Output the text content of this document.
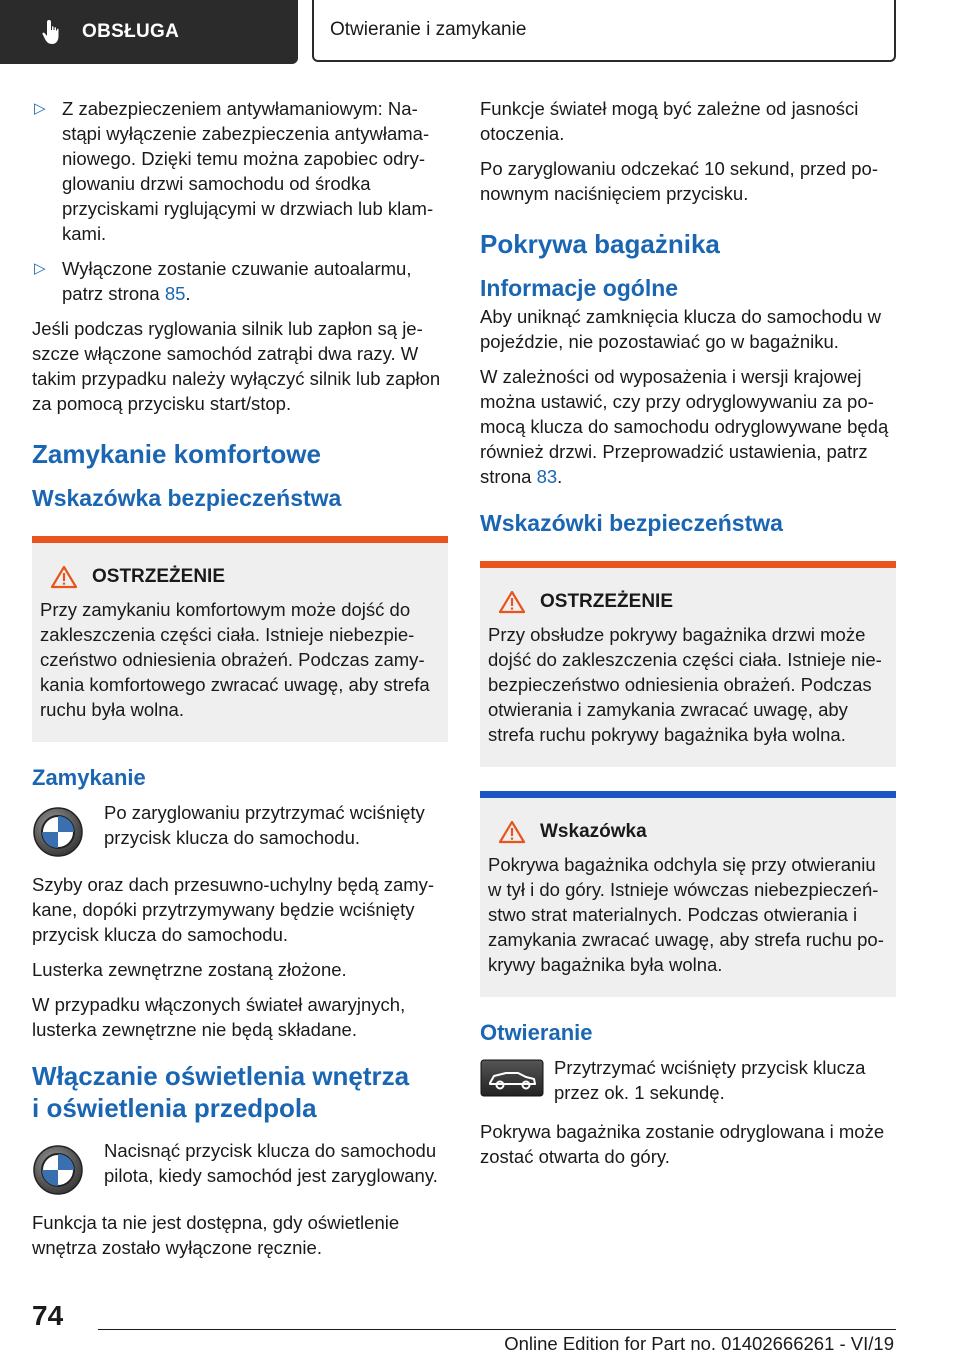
OBSŁUGA	Otwieranie i zamykanie
▷ Z zabezpieczeniem antywłamaniowym: Nastąpi wyłączenie zabezpieczenia antywłamaniowego. Dzięki temu można zapobiec odryglowaniu drzwi samochodu od środka przyciskami ryglującymi w drzwiach lub klamkami.
▷ Wyłączone zostanie czuwanie autoalarmu, patrz strona 85.

Jeśli podczas ryglowania silnik lub zapłon są jeszcze włączone samochód zatrąbi dwa razy. W takim przypadku należy wyłączyć silnik lub zapłon za pomocą przycisku start/stop.

Zamykanie komfortowe
Wskazówka bezpieczeństwa
OSTRZEŻENIE

Przy zamykaniu komfortowym może dojść do zakleszczenia części ciała. Istnieje niebezpieczeństwo odniesienia obrażeń. Podczas zamykania komfortowego zwracać uwagę, aby strefa ruchu była wolna.

Zamykanie

Po zaryglowaniu przytrzymać wciśnięty przycisk klucza do samochodu.

Szyby oraz dach przesuwno-uchylny będą zamykane, dopóki przytrzymywany będzie wciśnięty przycisk klucza do samochodu.

Lusterka zewnętrzne zostaną złożone.

W przypadku włączonych świateł awaryjnych, lusterka zewnętrzne nie będą składane.

Włączanie oświetlenia wnętrza
i oświetlenia przedpola

Nacisnąć przycisk klucza do samochodu pilota, kiedy samochód jest zaryglowany.

Funkcja ta nie jest dostępna, gdy oświetlenie wnętrza zostało wyłączone ręcznie.

Funkcje świateł mogą być zależne od jasności otoczenia.

Po zaryglowaniu odczekać 10 sekund, przed ponownym naciśnięciem przycisku.

Pokrywa bagażnika
Informacje ogólne

Aby uniknąć zamknięcia klucza do samochodu w pojeździe, nie pozostawiać go w bagażniku.

W zależności od wyposażenia i wersji krajowej można ustawić, czy przy odryglowywaniu za pomocą klucza do samochodu odryglowywane będą również drzwi. Przeprowadzić ustawienia, patrz strona 83.

Wskazówki bezpieczeństwa
OSTRZEŻENIE

Przy obsłudze pokrywy bagażnika drzwi może dojść do zakleszczenia części ciała. Istnieje niebezpieczeństwo odniesienia obrażeń. Podczas otwierania i zamykania zwracać uwagę, aby strefa ruchu pokrywy bagażnika była wolna.

Wskazówka

Pokrywa bagażnika odchyla się przy otwieraniu w tył i do góry. Istnieje wówczas niebezpieczeństwo strat materialnych. Podczas otwierania i zamykania zwracać uwagę, aby strefa ruchu pokrywy bagażnika była wolna.

Otwieranie

Przytrzymać wciśnięty przycisk klucza przez ok. 1 sekundę.

Pokrywa bagażnika zostanie odryglowana i może zostać otwarta do góry.

74
Online Edition for Part no. 01402666261 - VI/19
